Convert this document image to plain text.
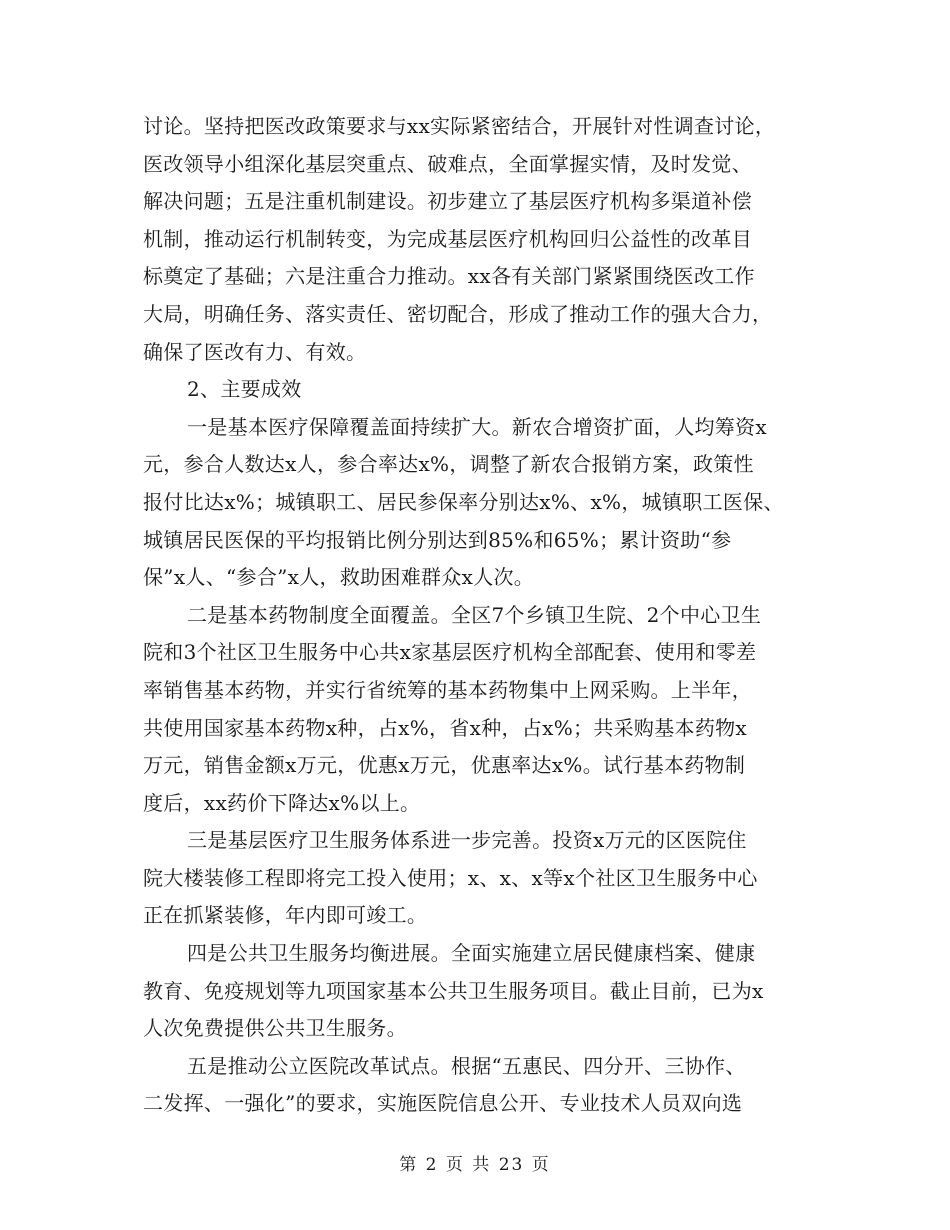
讨论。坚持把医改政策要求与xx实际紧密结合，开展针对性调查讨论，
医改领导小组深化基层突重点、破难点，全面掌握实情，及时发觉、
解决问题；五是注重机制建设。初步建立了基层医疗机构多渠道补偿
机制，推动运行机制转变，为完成基层医疗机构回归公益性的改革目
标奠定了基础；六是注重合力推动。xx各有关部门紧紧围绕医改工作
大局，明确任务、落实责任、密切配合，形成了推动工作的强大合力，
确保了医改有力、有效。
2、主要成效
一是基本医疗保障覆盖面持续扩大。新农合增资扩面，人均筹资x
元，参合人数达x人，参合率达x%，调整了新农合报销方案，政策性
报付比达x%；城镇职工、居民参保率分别达x%、x%，城镇职工医保、
城镇居民医保的平均报销比例分别达到85%和65%；累计资助“参
保”x人、“参合”x人，救助困难群众x人次。
二是基本药物制度全面覆盖。全区7个乡镇卫生院、2个中心卫生
院和3个社区卫生服务中心共x家基层医疗机构全部配套、使用和零差
率销售基本药物，并实行省统筹的基本药物集中上网采购。上半年，
共使用国家基本药物x种，占x%，省x种，占x%；共采购基本药物x
万元，销售金额x万元，优惠x万元，优惠率达x%。试行基本药物制
度后，xx药价下降达x%以上。
三是基层医疗卫生服务体系进一步完善。投资x万元的区医院住
院大楼装修工程即将完工投入使用；x、x、x等x个社区卫生服务中心
正在抓紧装修，年内即可竣工。
四是公共卫生服务均衡进展。全面实施建立居民健康档案、健康
教育、免疫规划等九项国家基本公共卫生服务项目。截止目前，已为x
人次免费提供公共卫生服务。
五是推动公立医院改革试点。根据“五惠民、四分开、三协作、
二发挥、一强化”的要求，实施医院信息公开、专业技术人员双向选
第 2 页 共 23 页
